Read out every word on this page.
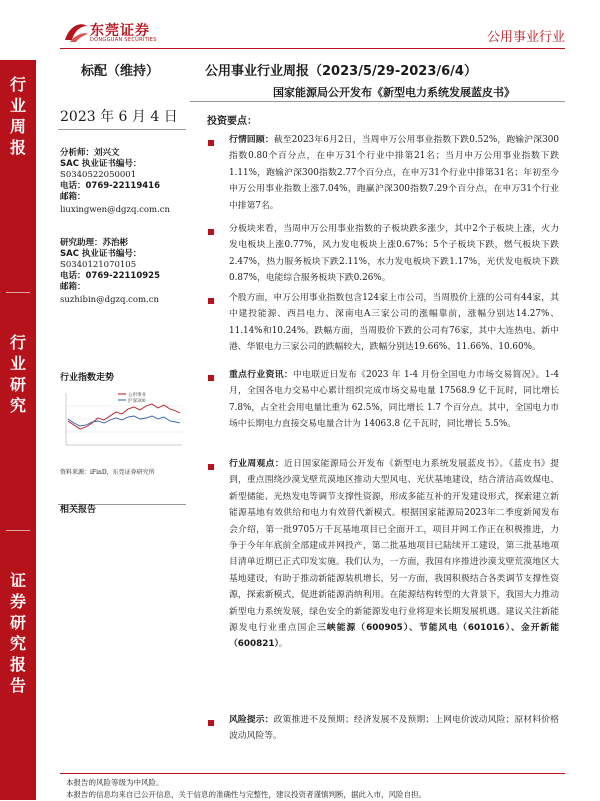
东莞证券
DONGGUAN SECURITIES	公用事业行业
标配（维持）	公用事业行业周报（2023/5/29-2023/6/4）
国家能源局公开发布《新型电力系统发展蓝皮书》
行业周报
行业研究
证券研究报告
2023 年 6 月 4 日
分析师：刘兴文
SAC 执业证书编号：
S0340522050001
电话：0769-22119416
邮箱：
liuxingwen@dgzq.com.cn
研究助理：苏治彬
SAC 执业证书编号：
S0340121070105
电话：0769-22110925
邮箱：
suzhibin@dgzq.com.cn
行业指数走势
公用事业
沪深300
资料来源：iFinD，东莞证券研究所
相关报告
投资要点：
行情回顾：截至2023年6月2日，当周申万公用事业指数下跌0.52%，跑输沪深300指数0.80个百分点，在申万31个行业中排第21名；当月申万公用事业指数下跌1.11%，跑输沪深300指数2.77个百分点，在申万31个行业中排第31名；年初至今申万公用事业指数上涨7.04%，跑赢沪深300指数7.29个百分点，在申万31个行业中排第7名。
分板块来看，当周申万公用事业指数的子板块跌多涨少，其中2个子板块上涨，火力发电板块上涨0.77%，风力发电板块上涨0.67%；5个子板块下跌，燃气板块下跌2.47%，热力服务板块下跌2.11%，水力发电板块下跌1.17%，光伏发电板块下跌0.87%，电能综合服务板块下跌0.26%。
个股方面，申万公用事业指数包含124家上市公司，当周股价上涨的公司有44家，其中建投能源、西昌电力、深南电A三家公司的涨幅靠前，涨幅分别达14.27%、11.14%和10.24%。跌幅方面，当周股价下跌的公司有76家，其中大连热电、新中港、华银电力三家公司的跌幅较大，跌幅分别达19.66%、11.66%、10.60%。
重点行业资讯：中电联近日发布《2023 年 1-4 月份全国电力市场交易简况》。1-4 月，全国各电力交易中心累计组织完成市场交易电量 17568.9 亿千瓦时，同比增长 7.8%，占全社会用电量比重为 62.5%，同比增长 1.7 个百分点。其中，全国电力市场中长期电力直接交易电量合计为 14063.8 亿千瓦时，同比增长 5.5%。
行业周观点：近日国家能源局公开发布《新型电力系统发展蓝皮书》。《蓝皮书》提到，重点围绕沙漠戈壁荒漠地区推动大型风电、光伏基地建设，结合清洁高效煤电、新型储能、光热发电等调节支撑性资源，形成多能互补的开发建设形式，探索建立新能源基地有效供给和电力有效替代新模式。根据国家能源局2023年二季度新闻发布会介绍，第一批9705万千瓦基地项目已全面开工，项目并网工作正在积极推进，力争于今年年底前全部建成并网投产，第二批基地项目已陆续开工建设，第三批基地项目清单近期已正式印发实施。我们认为，一方面，我国有序推进沙漠戈壁荒漠地区大基地建设，有助于推动新能源装机增长，另一方面，我国积极结合各类调节支撑性资源，探索新模式，促进新能源消纳利用。在能源结构转型的大背景下，我国大力推动新型电力系统发展，绿色安全的新能源发电行业将迎来长期发展机遇。建议关注新能源发电行业重点国企三峡能源（600905）、节能风电（601016）、金开新能（600821）。
风险提示：政策推进不及预期；经济发展不及预期；上网电价波动风险；原材料价格波动风险等。
本报告的风险等级为中风险。
本报告的信息均来自已公开信息，关于信息的准确性与完整性，建议投资者谨慎判断，据此入市，风险自担。
